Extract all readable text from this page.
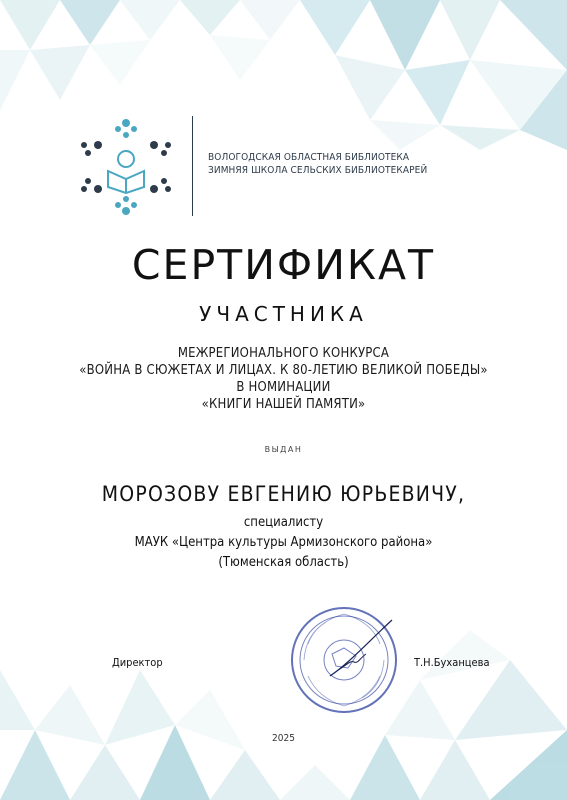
ВОЛОГОДСКАЯ ОБЛАСТНАЯ БИБЛИОТЕКА
ЗИМНЯЯ ШКОЛА СЕЛЬСКИХ БИБЛИОТЕКАРЕЙ
СЕРТИФИКАТ
УЧАСТНИКА
МЕЖРЕГИОНАЛЬНОГО КОНКУРСА
«ВОЙНА В СЮЖЕТАХ И ЛИЦАХ. К 80-ЛЕТИЮ ВЕЛИКОЙ ПОБЕДЫ»
В НОМИНАЦИИ
«КНИГИ НАШЕЙ ПАМЯТИ»
ВЫДАН
МОРОЗОВУ ЕВГЕНИЮ ЮРЬЕВИЧУ,
специалисту
МАУК «Центра культуры Армизонского района»
(Тюменская область)
Директор	Т.Н.Буханцева
2025
